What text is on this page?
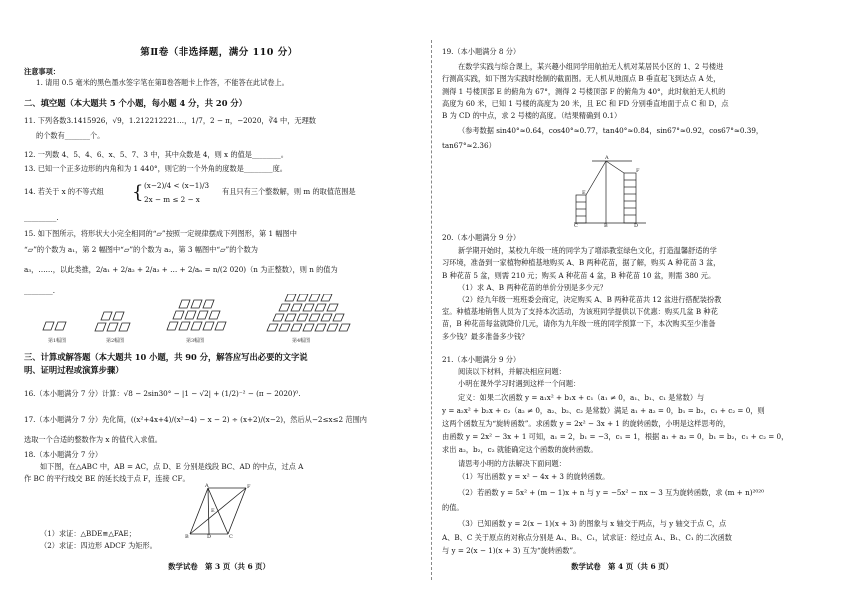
第Ⅱ卷（非选择题，满分 110 分）

注意事项：

1. 请用 0.5 毫米的黑色墨水签字笔在第Ⅱ卷答题卡上作答，不能答在此试卷上。

二、填空题（本大题共 5 个小题，每小题 4 分，共 20 分）

11. 下列各数3.1415926，√9，1.212212221…，1/7，2 − π，−2020，∛4 中，无理数

的个数有_______个。

12. 一列数 4、5、4、6、x、5、7、3 中，其中众数是 4，则 x 的值是________。

13. 已知一个正多边形的内角和为 1 440°，则它的一个外角的度数是________度。

14. 若关于 x 的不等式组 { (x−2)/4 < (x−1)/3
2x − m ≤ 2 − x
有且只有三个整数解，则 m 的取值范围是

_________.

15. 如下图所示，将形状大小完全相同的“▱”按照一定规律摆成下列图形，第 1 幅图中

“▱”的个数为 a₁，第 2 幅图中“▱”的个数为 a₂，第 3 幅图中“▱”的个数为

a₃，……，以此类推，2/a₁ + 2/a₂ + 2/a₃ + … + 2/aₙ = n/(2 020)（n 为正整数），则 n 的值为

________.

第1幅图	第2幅图	第3幅图	第4幅图

三、计算或解答题（本大题共 10 小题，共 90 分，解答应写出必要的文字说

明、证明过程或演算步骤）

16.（本小题满分 7 分）计算：√8 − 2sin30° − |1 − √2| + (1/2)⁻² − (π − 2020)⁰.

17.（本小题满分 7 分）先化简，((x²+4x+4)/(x²−4) − x − 2) ÷ (x+2)/(x−2)，然后从−2≤x≤2 范围内

选取一个合适的整数作为 x 的值代入求值。

18.（本小题满分 7 分）

如下图，在△ABC 中，AB = AC，点 D、E 分别是线段 BC、AD 的中点，过点 A

作 BC 的平行线交 BE 的延长线于点 F，连接 CF。

A	F
B	C
D
E

（1）求证：△BDE≌△FAE；

（2）求证：四边形 ADCF 为矩形。

数学试卷　第 3 页（共 6 页）

19.（本小题满分 8 分）

在数学实践与综合课上，某兴趣小组同学用航拍无人机对某居民小区的 1、2 号楼进

行测高实践，如下图为实践时绘制的截面图。无人机从地面点 B 垂直起飞到达点 A 处，

测得 1 号楼顶部 E 的俯角为 67°，测得 2 号楼顶部 F 的俯角为 40°，此时航拍无人机的

高度为 60 米，已知 1 号楼的高度为 20 米，且 EC 和 FD 分别垂直地面于点 C 和 D，点

B 为 CD 的中点，求 2 号楼的高度。（结果精确到 0.1）

（参考数据 sin40°≈0.64，cos40°≈0.77，tan40°≈0.84，sin67°≈0.92，cos67°≈0.39，

tan67°≈2.36）

A
E
F
C	B	D

20.（本小题满分 9 分）

新学期开始时，某校九年级一班的同学为了增添教室绿色文化，打造温馨舒适的学

习环境，准备到一家植物种植基地购买 A、B 两种花苗，据了解，购买 A 种花苗 3 盆，

B 种花苗 5 盆，则需 210 元；购买 A 种花苗 4 盆，B 种花苗 10 盆，则需 380 元。

（1）求 A、B 两种花苗的单价分别是多少元？

（2）经九年级一班班委会商定，决定购买 A、B 两种花苗共 12 盆进行搭配装扮教

室。种植基地销售人员为了支持本次活动，为该班同学提供以下优惠：购买几盆 B 种花

苗，B 种花苗每盆就降价几元，请你为九年级一班的同学预算一下，本次购买至少准备

多少钱？最多准备多少钱？

21.（本小题满分 9 分）

阅读以下材料，并解决相应问题：

小明在课外学习时遇到这样一个问题：

定义：如果二次函数 y = a₁x² + b₁x + c₁（a₁ ≠ 0，a₁、b₁、c₁ 是常数）与

y = a₂x² + b₂x + c₂（a₂ ≠ 0，a₂、b₂、c₂ 是常数）满足 a₁ + a₂ = 0，b₁ = b₂，c₁ + c₂ = 0，则

这两个函数互为“旋转函数”。求函数 y = 2x² − 3x + 1 的旋转函数，小明是这样思考的，

由函数 y = 2x² − 3x + 1 可知，a₁ = 2，b₁ = −3，c₁ = 1，根据 a₁ + a₂ = 0，b₁ = b₂，c₁ + c₂ = 0，

求出 a₂，b₂，c₂ 就能确定这个函数的旋转函数。

请思考小明的方法解决下面问题：

（1）写出函数 y = x² − 4x + 3 的旋转函数。

（2）若函数 y = 5x² + (m − 1)x + n 与 y = −5x² − nx − 3 互为旋转函数，求 (m + n)²⁰²⁰

的值。

（3）已知函数 y = 2(x − 1)(x + 3) 的图象与 x 轴交于两点，与 y 轴交于点 C，点

A、B、C 关于原点的对称点分别是 A₁、B₁、C₁，试求证：经过点 A₁、B₁、C₁ 的二次函数

与 y = 2(x − 1)(x + 3) 互为“旋转函数”。

数学试卷　第 4 页（共 6 页）
